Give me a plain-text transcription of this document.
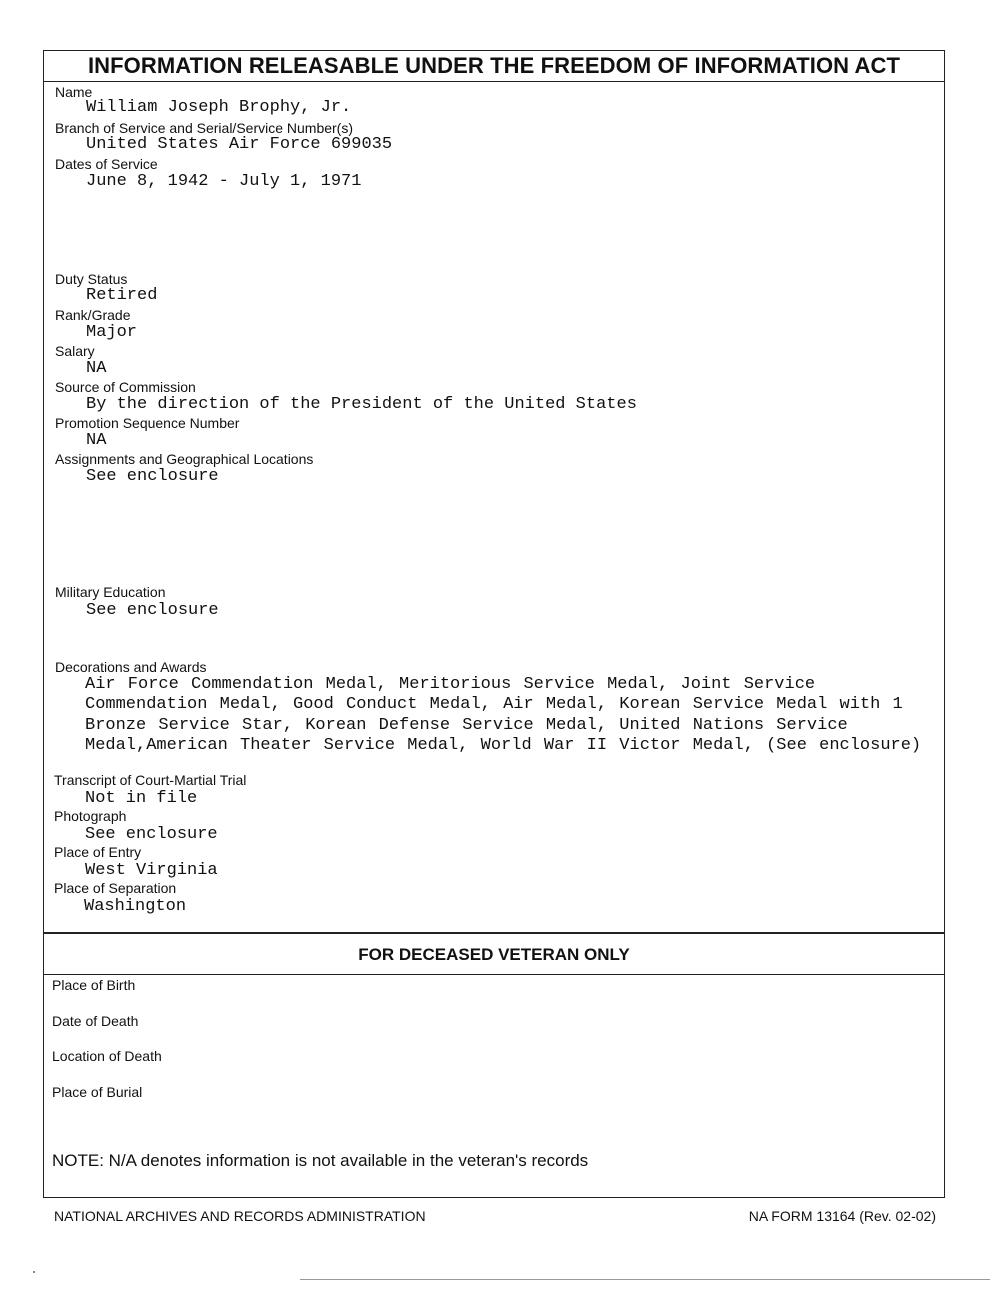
INFORMATION RELEASABLE UNDER THE FREEDOM OF INFORMATION ACT
Name
William Joseph Brophy, Jr.
Branch of Service and Serial/Service Number(s)
United States Air Force 699035
Dates of Service
June 8, 1942 - July 1, 1971
Duty Status
Retired
Rank/Grade
Major
Salary
NA
Source of Commission
By the direction of the President of the United States
Promotion Sequence Number
NA
Assignments and Geographical Locations
See enclosure
Military Education
See enclosure
Decorations and Awards
Air Force Commendation Medal, Meritorious Service Medal, Joint Service Commendation Medal, Good Conduct Medal, Air Medal, Korean Service Medal with 1 Bronze Service Star, Korean Defense Service Medal, United Nations Service Medal,American Theater Service Medal, World War II Victor Medal, (See enclosure)
Transcript of Court-Martial Trial
Not in file
Photograph
See enclosure
Place of Entry
West Virginia
Place of Separation
Washington
FOR DECEASED VETERAN ONLY
Place of Birth
Date of Death
Location of Death
Place of Burial
NOTE: N/A denotes information is not available in the veteran's records
NATIONAL ARCHIVES AND RECORDS ADMINISTRATION	NA FORM 13164 (Rev. 02-02)
